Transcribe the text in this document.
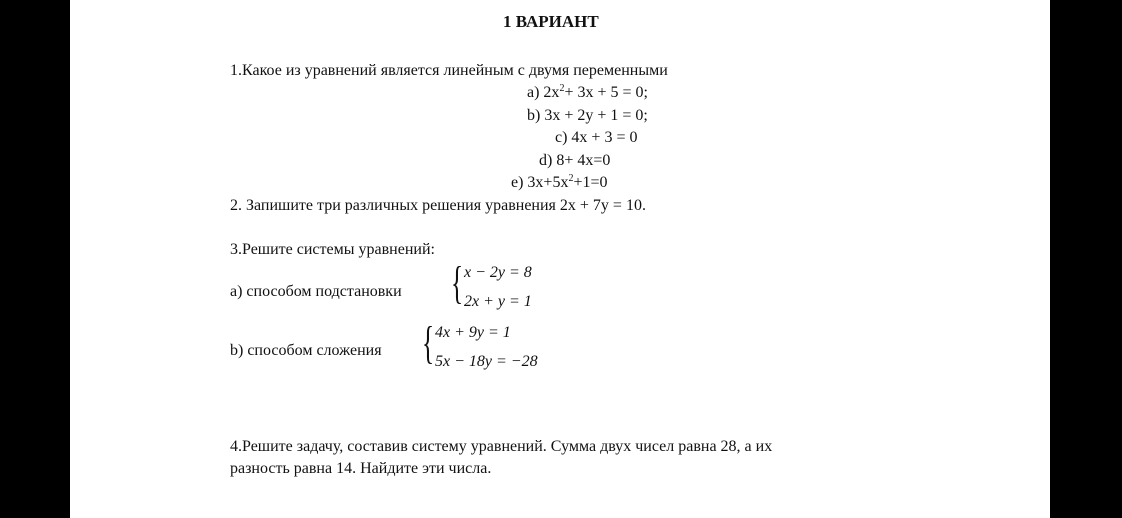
1 ВАРИАНТ
1.Какое из уравнений является линейным с двумя переменными
a) $2x^2+ 3x + 5 = 0$;
b) 3x + 2y + 1 = 0;
c) 4x + 3 = 0
d) 8+ 4x=0
e) $3x+5x^2+1=0$
2. Запишите три различных решения уравнения 2x + 7y = 10.
3.Решите системы уравнений:
a) способом подстановки { x − 2y = 8
2x + y = 1
b) способом сложения { 4x + 9y = 1
5x − 18y = −28
4.Решите задачу, составив систему уравнений. Сумма двух чисел равна 28, а их
разность равна 14. Найдите эти числа.
